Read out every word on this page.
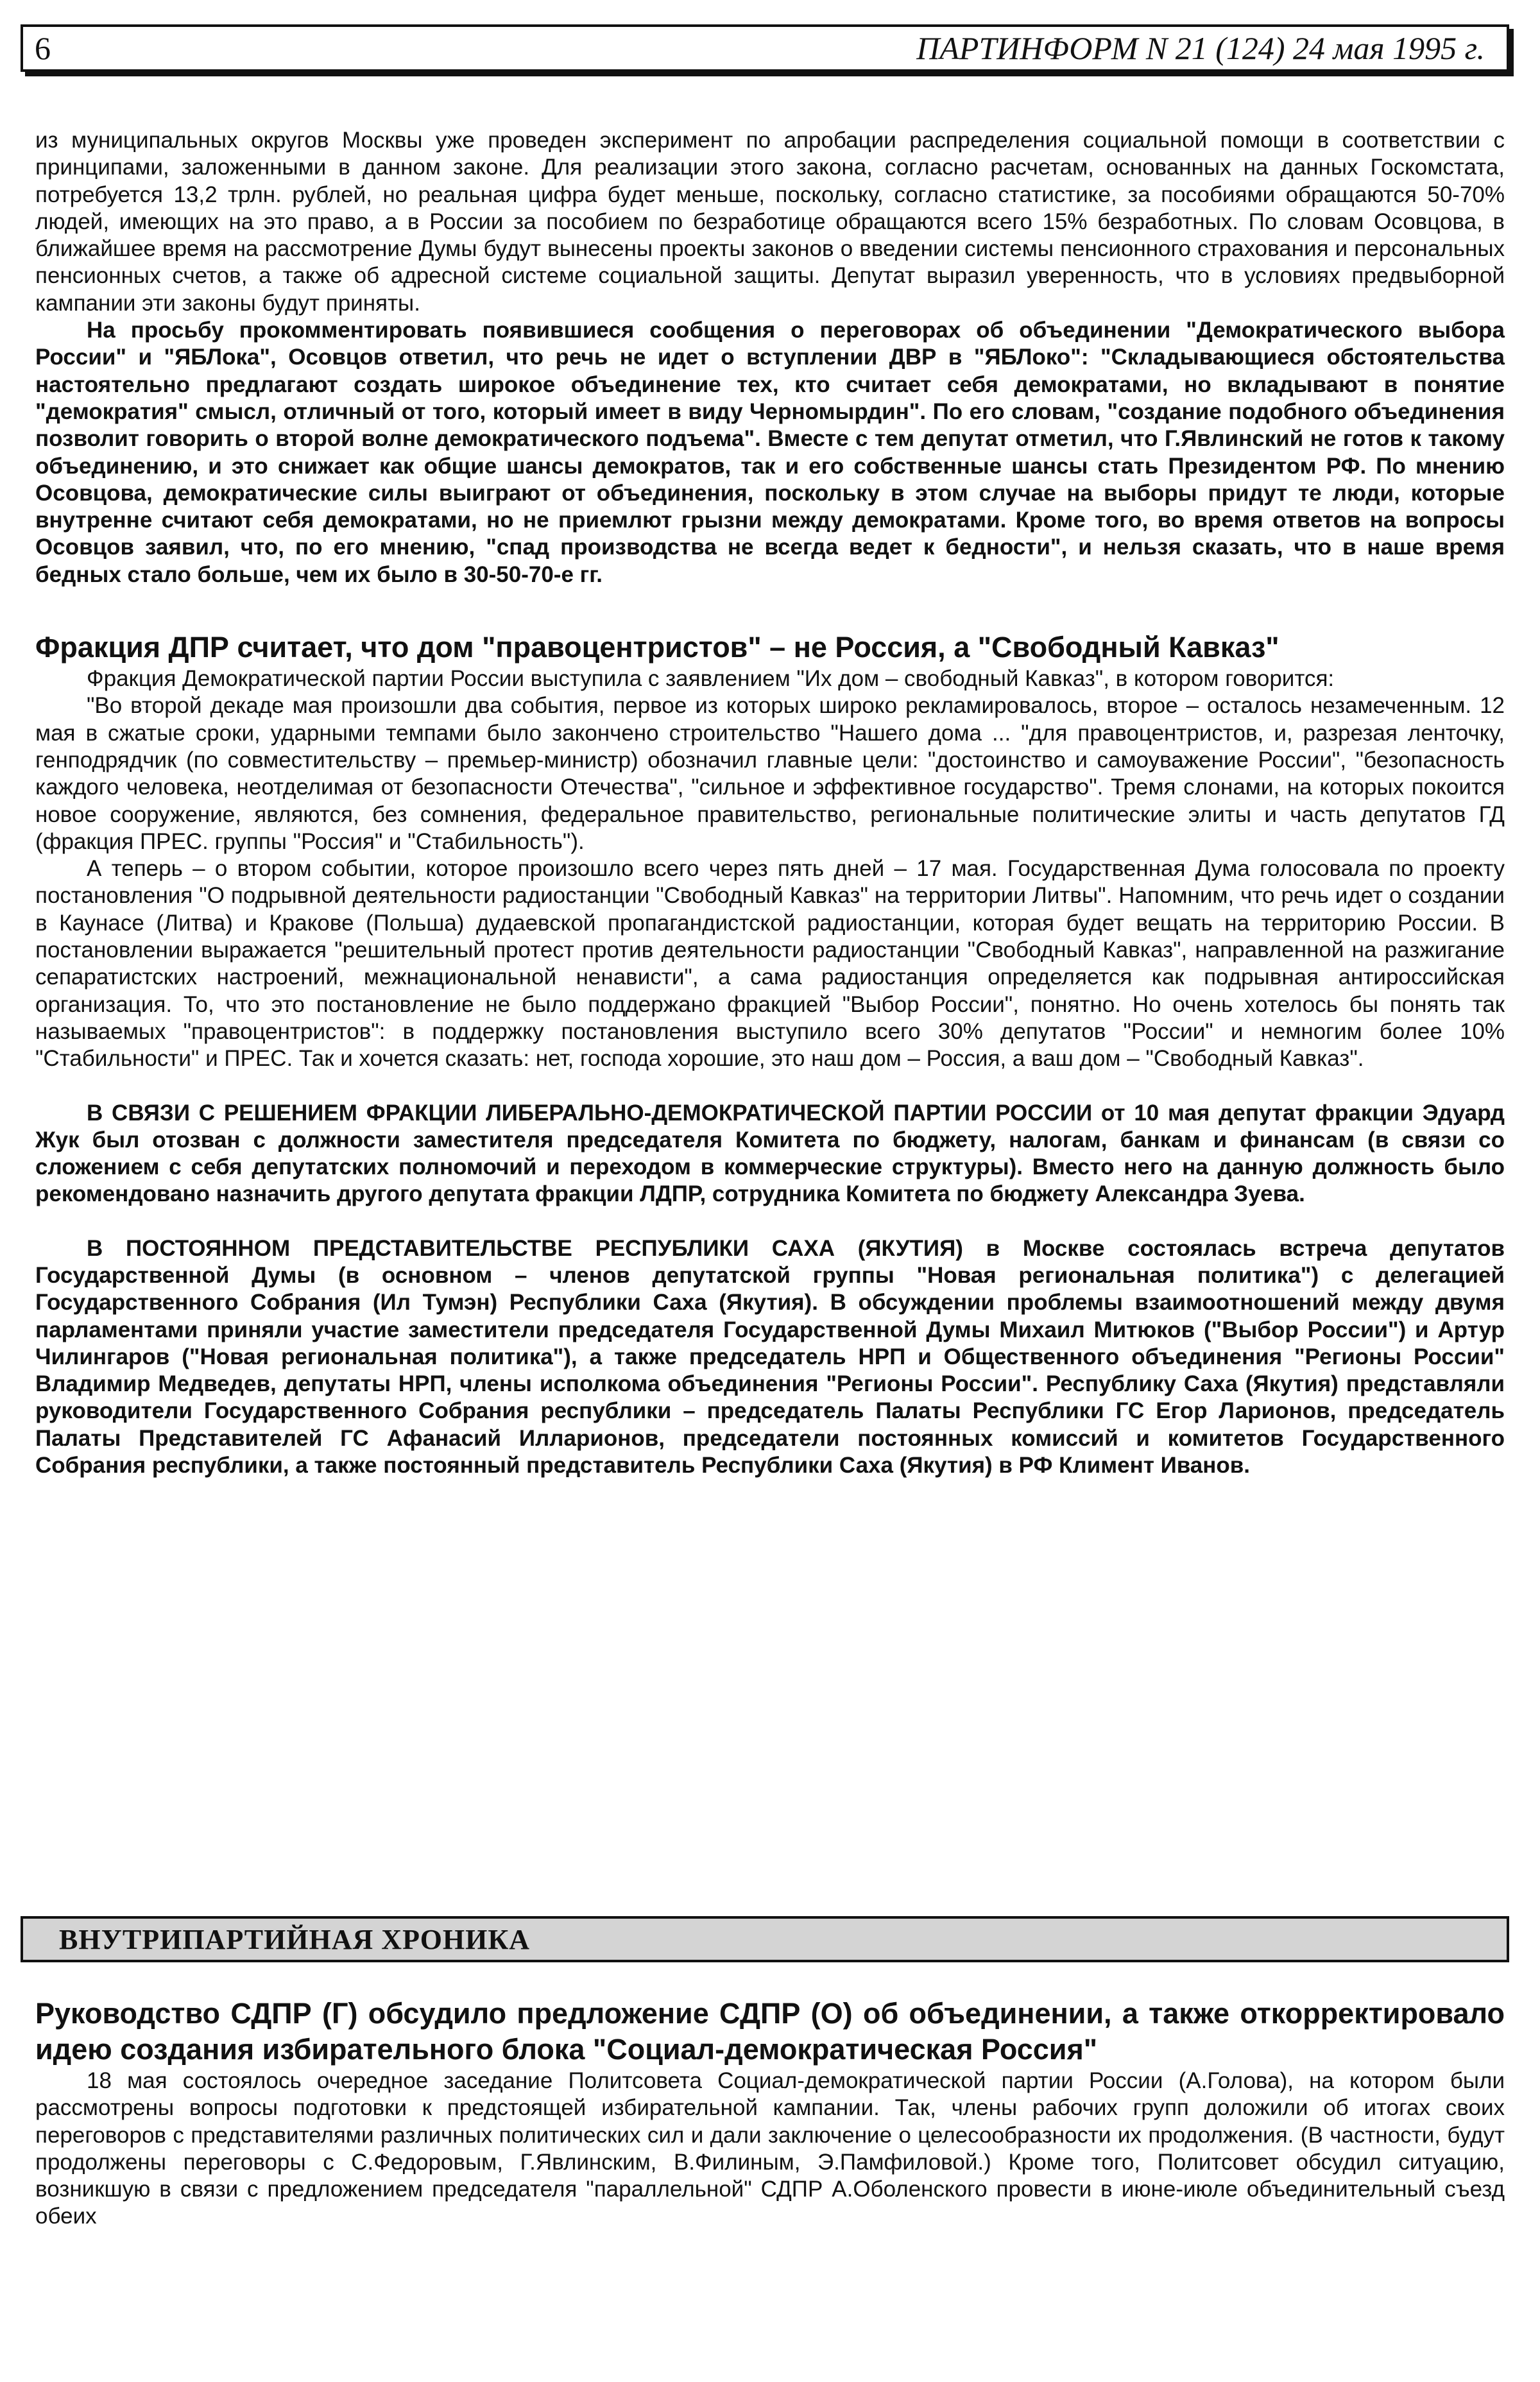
6	ПАРТИНФОРМ N 21 (124) 24 мая 1995 г.

из муниципальных округов Москвы уже проведен эксперимент по апробации распределения социальной помощи в соответствии с принципами, заложенными в данном законе. Для реализации этого закона, согласно расчетам, основанных на данных Госкомстата, потребуется 13,2 трлн. рублей, но реальная цифра будет меньше, поскольку, согласно статистике, за пособиями обращаются 50-70% людей, имеющих на это право, а в России за пособием по безработице обращаются всего 15% безработных. По словам Осовцова, в ближайшее время на рассмотрение Думы будут вынесены проекты законов о введении системы пенсионного страхования и персональных пенсионных счетов, а также об адресной системе социальной защиты. Депутат выразил уверенность, что в условиях предвыборной кампании эти законы будут приняты.

На просьбу прокомментировать появившиеся сообщения о переговорах об объединении "Демократического выбора России" и "ЯБЛока", Осовцов ответил, что речь не идет о вступлении ДВР в "ЯБЛоко": "Складывающиеся обстоятельства настоятельно предлагают создать широкое объединение тех, кто считает себя демократами, но вкладывают в понятие "демократия" смысл, отличный от того, который имеет в виду Черномырдин". По его словам, "создание подобного объединения позволит говорить о второй волне демократического подъема". Вместе с тем депутат отметил, что Г.Явлинский не готов к такому объединению, и это снижает как общие шансы демократов, так и его собственные шансы стать Президентом РФ. По мнению Осовцова, демократические силы выиграют от объединения, поскольку в этом случае на выборы придут те люди, которые внутренне считают себя демократами, но не приемлют грызни между демократами. Кроме того, во время ответов на вопросы Осовцов заявил, что, по его мнению, "спад производства не всегда ведет к бедности", и нельзя сказать, что в наше время бедных стало больше, чем их было в 30-50-70-е гг.

Фракция ДПР считает, что дом "правоцентристов" – не Россия, а "Свободный Кавказ"

Фракция Демократической партии России выступила с заявлением "Их дом – свободный Кавказ", в котором говорится:

"Во второй декаде мая произошли два события, первое из которых широко рекламировалось, второе – осталось незамеченным. 12 мая в сжатые сроки, ударными темпами было закончено строительство "Нашего дома ... "для правоцентристов, и, разрезая ленточку, генподрядчик (по совместительству – премьер-министр) обозначил главные цели: "достоинство и самоуважение России", "безопасность каждого человека, неотделимая от безопасности Отечества", "сильное и эффективное государство". Тремя слонами, на которых покоится новое сооружение, являются, без сомнения, федеральное правительство, региональные политические элиты и часть депутатов ГД (фракция ПРЕС. группы "Россия" и "Стабильность").

А теперь – о втором событии, которое произошло всего через пять дней – 17 мая. Государственная Дума голосовала по проекту постановления "О подрывной деятельности радиостанции "Свободный Кавказ" на территории Литвы". Напомним, что речь идет о создании в Каунасе (Литва) и Кракове (Польша) дудаевской пропагандистской радиостанции, которая будет вещать на территорию России. В постановлении выражается "решительный протест против деятельности радиостанции "Свободный Кавказ", направленной на разжигание сепаратистских настроений, межнациональной ненависти", а сама радиостанция определяется как подрывная антироссийская организация. То, что это постановление не было поддержано фракцией "Выбор России", понятно. Но очень хотелось бы понять так называемых "правоцентристов": в поддержку постановления выступило всего 30% депутатов "России" и немногим более 10% "Стабильности" и ПРЕС. Так и хочется сказать: нет, господа хорошие, это наш дом – Россия, а ваш дом – "Свободный Кавказ".

В СВЯЗИ С РЕШЕНИЕМ ФРАКЦИИ ЛИБЕРАЛЬНО-ДЕМОКРАТИЧЕСКОЙ ПАРТИИ РОССИИ от 10 мая депутат фракции Эдуард Жук был отозван с должности заместителя председателя Комитета по бюджету, налогам, банкам и финансам (в связи со сложением с себя депутатских полномочий и переходом в коммерческие структуры). Вместо него на данную должность было рекомендовано назначить другого депутата фракции ЛДПР, сотрудника Комитета по бюджету Александра Зуева.

В ПОСТОЯННОМ ПРЕДСТАВИТЕЛЬСТВЕ РЕСПУБЛИКИ САХА (ЯКУТИЯ) в Москве состоялась встреча депутатов Государственной Думы (в основном – членов депутатской группы "Новая региональная политика") с делегацией Государственного Собрания (Ил Тумэн) Республики Саха (Якутия). В обсуждении проблемы взаимоотношений между двумя парламентами приняли участие заместители председателя Государственной Думы Михаил Митюков ("Выбор России") и Артур Чилингаров ("Новая региональная политика"), а также председатель НРП и Общественного объединения "Регионы России" Владимир Медведев, депутаты НРП, члены исполкома объединения "Регионы России". Республику Саха (Якутия) представляли руководители Государственного Собрания республики – председатель Палаты Республики ГС Егор Ларионов, председатель Палаты Представителей ГС Афанасий Илларионов, председатели постоянных комиссий и комитетов Государственного Собрания республики, а также постоянный представитель Республики Саха (Якутия) в РФ Климент Иванов.

ВНУТРИПАРТИЙНАЯ ХРОНИКА
Руководство СДПР (Г) обсудило предложение СДПР (О) об объединении, а также откорректировало идею создания избирательного блока "Социал-демократическая Россия"

18 мая состоялось очередное заседание Политсовета Социал-демократической партии России (А.Голова), на котором были рассмотрены вопросы подготовки к предстоящей избирательной кампании. Так, члены рабочих групп доложили об итогах своих переговоров с представителями различных политических сил и дали заключение о целесообразности их продолжения. (В частности, будут продолжены переговоры с С.Федоровым, Г.Явлинским, В.Филиным, Э.Памфиловой.) Кроме того, Политсовет обсудил ситуацию, возникшую в связи с предложением председателя "параллельной" СДПР А.Оболенского провести в июне-июле объединительный съезд обеих
